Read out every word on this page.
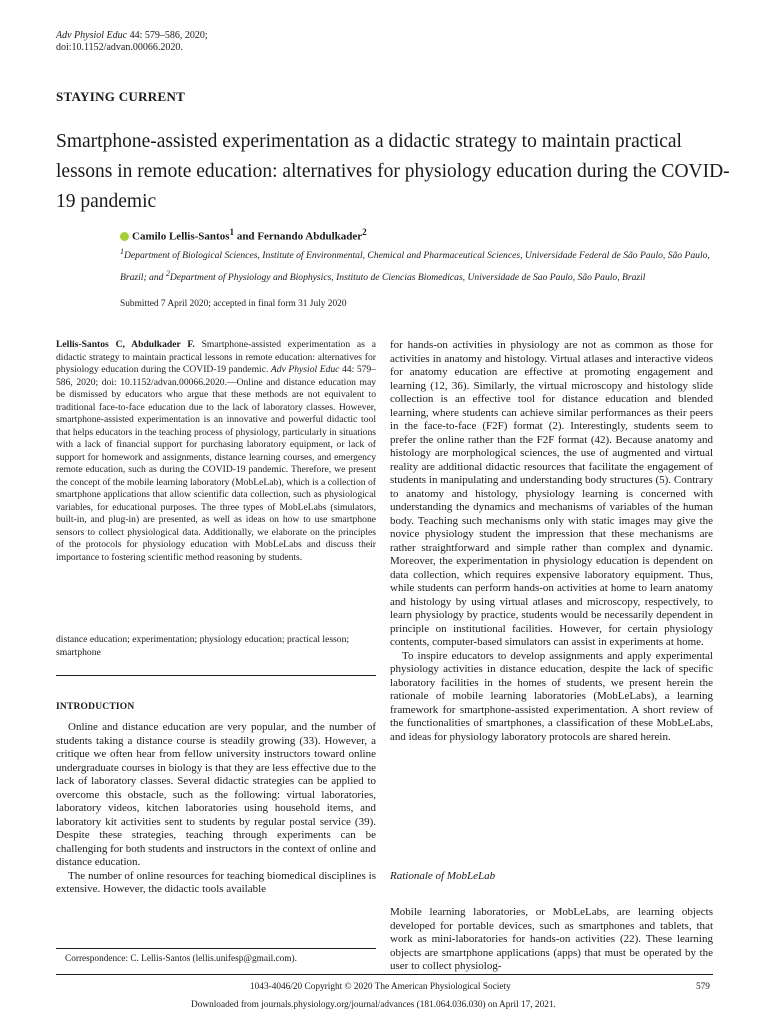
Adv Physiol Educ 44: 579–586, 2020;
doi:10.1152/advan.00066.2020.
STAYING CURRENT
Smartphone-assisted experimentation as a didactic strategy to maintain practical lessons in remote education: alternatives for physiology education during the COVID-19 pandemic
Camilo Lellis-Santos$^1$ and Fernando Abdulkader$^2$
$^1$Department of Biological Sciences, Institute of Environmental, Chemical and Pharmaceutical Sciences, Universidade Federal de São Paulo, São Paulo, Brazil; and $^2$Department of Physiology and Biophysics, Instituto de Ciencias Biomedicas, Universidade de Sao Paulo, São Paulo, Brazil
Submitted 7 April 2020; accepted in final form 31 July 2020
Lellis-Santos C, Abdulkader F. Smartphone-assisted experimentation as a didactic strategy to maintain practical lessons in remote education: alternatives for physiology education during the COVID-19 pandemic. Adv Physiol Educ 44: 579–586, 2020; doi: 10.1152/advan.00066.2020.—Online and distance education may be dismissed by educators who argue that these methods are not equivalent to traditional face-to-face education due to the lack of laboratory classes. However, smartphone-assisted experimentation is an innovative and powerful didactic tool that helps educators in the teaching process of physiology, particularly in situations with a lack of financial support for purchasing laboratory equipment, or lack of support for homework and assignments, distance learning courses, and emergency remote education, such as during the COVID-19 pandemic. Therefore, we present the concept of the mobile learning laboratory (MobLeLab), which is a collection of smartphone applications that allow scientific data collection, such as physiological variables, for educational purposes. The three types of MobLeLabs (simulators, built-in, and plug-in) are presented, as well as ideas on how to use smartphone sensors to collect physiological data. Additionally, we elaborate on the principles of the protocols for physiology education with MobLeLabs and discuss their importance to fostering scientific method reasoning by students.
distance education; experimentation; physiology education; practical lesson; smartphone
INTRODUCTION

Online and distance education are very popular, and the number of students taking a distance course is steadily growing (33). However, a critique we often hear from fellow university instructors toward online undergraduate courses in biology is that they are less effective due to the lack of laboratory classes. Several didactic strategies can be applied to overcome this obstacle, such as the following: virtual laboratories, laboratory videos, kitchen laboratories using household items, and laboratory kit activities sent to students by regular postal service (39). Despite these strategies, teaching through experiments can be challenging for both students and instructors in the context of online and distance education.

The number of online resources for teaching biomedical disciplines is extensive. However, the didactic tools available

for hands-on activities in physiology are not as common as those for activities in anatomy and histology. Virtual atlases and interactive videos for anatomy education are effective at promoting engagement and learning (12, 36). Similarly, the virtual microscopy and histology slide collection is an effective tool for distance education and blended learning, where students can achieve similar performances as their peers in the face-to-face (F2F) format (2). Interestingly, students seem to prefer the online rather than the F2F format (42). Because anatomy and histology are morphological sciences, the use of augmented and virtual reality are additional didactic resources that facilitate the engagement of students in manipulating and understanding body structures (5). Contrary to anatomy and histology, physiology learning is concerned with understanding the dynamics and mechanisms of variables of the human body. Teaching such mechanisms only with static images may give the novice physiology student the impression that these mechanisms are rather straightforward and simple rather than complex and dynamic. Moreover, the experimentation in physiology education is dependent on data collection, which requires expensive laboratory equipment. Thus, while students can perform hands-on activities at home to learn anatomy and histology by using virtual atlases and microscopy, respectively, to learn physiology by practice, students would be necessarily dependent in principle on institutional facilities. However, for certain physiology contents, computer-based simulators can assist in experiments at home.

To inspire educators to develop assignments and apply experimental physiology activities in distance education, despite the lack of specific laboratory facilities in the homes of students, we present herein the rationale of mobile learning laboratories (MobLeLabs), a learning framework for smartphone-assisted experimentation. A short review of the functionalities of smartphones, a classification of these MobLeLabs, and ideas for physiology laboratory protocols are shared herein.

Rationale of MobLeLab

Mobile learning laboratories, or MobLeLabs, are learning objects developed for portable devices, such as smartphones and tablets, that work as mini-laboratories for hands-on activities (22). These learning objects are smartphone applications (apps) that must be operated by the user to collect physiolog-

Correspondence: C. Lellis-Santos (lellis.unifesp@gmail.com).
1043-4046/20 Copyright © 2020 The American Physiological Society	579
Downloaded from journals.physiology.org/journal/advances (181.064.036.030) on April 17, 2021.
